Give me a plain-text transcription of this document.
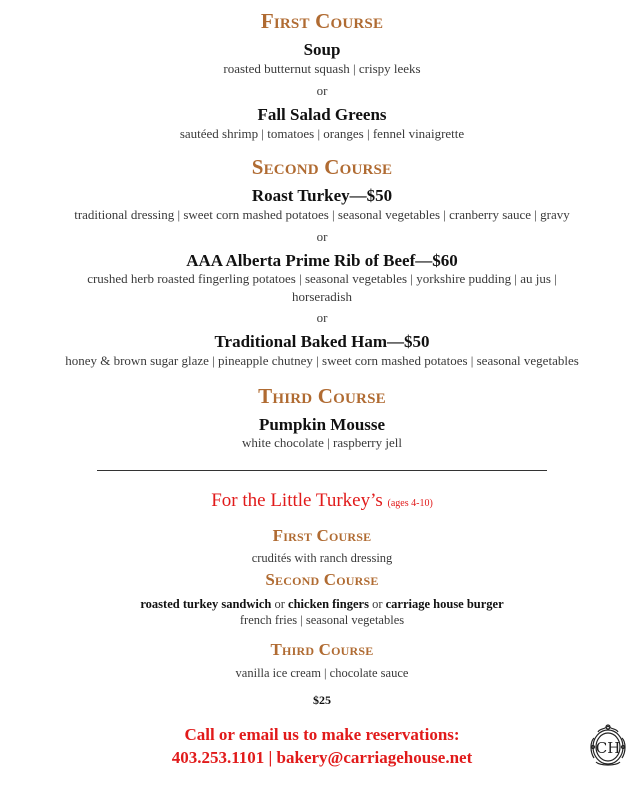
First Course

Soup

roasted butternut squash | crispy leeks

or

Fall Salad Greens

sautéed shrimp | tomatoes | oranges | fennel vinaigrette

Second Course

Roast Turkey—$50

traditional dressing | sweet corn mashed potatoes | seasonal vegetables | cranberry sauce | gravy

or

AAA Alberta Prime Rib of Beef—$60

crushed herb roasted fingerling potatoes | seasonal vegetables | yorkshire pudding | au jus |

horseradish

or

Traditional Baked Ham—$50

honey & brown sugar glaze | pineapple chutney | sweet corn mashed potatoes | seasonal vegetables

Third Course

Pumpkin Mousse

white chocolate | raspberry jell

For the Little Turkey’s (ages 4-10)

First Course

crudités with ranch dressing

Second Course

roasted turkey sandwich or chicken fingers or carriage house burger

french fries | seasonal vegetables

Third Course

vanilla ice cream | chocolate sauce

$25

Call or email us to make reservations:

403.253.1101 | bakery@carriagehouse.net

CH
